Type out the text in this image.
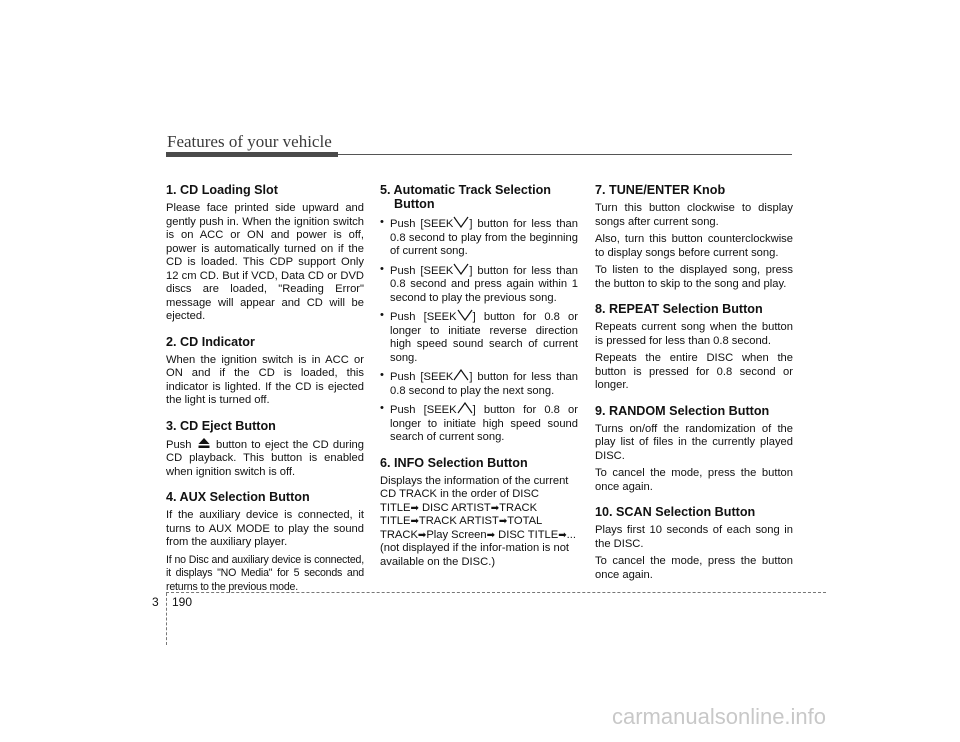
Features of your vehicle
1. CD Loading Slot

Please face printed side upward and gently push in. When the ignition switch is on ACC or ON and power is off, power is automatically turned on if the CD is loaded. This CDP support Only 12 cm CD. But if VCD, Data CD or DVD discs are loaded, "Reading Error" message will appear and CD will be ejected.

2. CD Indicator

When the ignition switch is in ACC or ON and if the CD is loaded, this indicator is lighted. If the CD is ejected the light is turned off.

3. CD Eject Button

Push button to eject the CD during CD playback. This button is enabled when ignition switch is off.

4. AUX Selection Button

If the auxiliary device is connected, it turns to AUX MODE to play the sound from the auxiliary player.

If no Disc and auxiliary device is connected, it displays "NO Media" for 5 seconds and returns to the previous mode.

5. Automatic Track Selection
Button
• Push [SEEK ] button for less than 0.8 second to play from the beginning of current song.
• Push [SEEK ] button for less than 0.8 second and press again within 1 second to play the previous song.
• Push [SEEK ] button for 0.8 or longer to initiate reverse direction high speed sound search of current song.
• Push [SEEK ] button for less than 0.8 second to play the next song.
• Push [SEEK ] button for 0.8 or longer to initiate high speed sound search of current song.
6. INFO Selection Button

Displays the information of the current CD TRACK in the order of DISC TITLE➡ DISC ARTIST➡TRACK TITLE➡TRACK ARTIST➡TOTAL TRACK➡Play Screen➡ DISC TITLE➡... (not displayed if the infor-mation is not available on the DISC.)

7. TUNE/ENTER Knob

Turn this button clockwise to display songs after current song.

Also, turn this button counterclockwise to display songs before current song.

To listen to the displayed song, press the button to skip to the song and play.

8. REPEAT Selection Button

Repeats current song when the button is pressed for less than 0.8 second.

Repeats the entire DISC when the button is pressed for 0.8 second or longer.

9. RANDOM Selection Button

Turns on/off the randomization of the play list of files in the currently played DISC.

To cancel the mode, press the button once again.

10. SCAN Selection Button

Plays first 10 seconds of each song in the DISC.

To cancel the mode, press the button once again.

3 190
carmanualsonline.info
